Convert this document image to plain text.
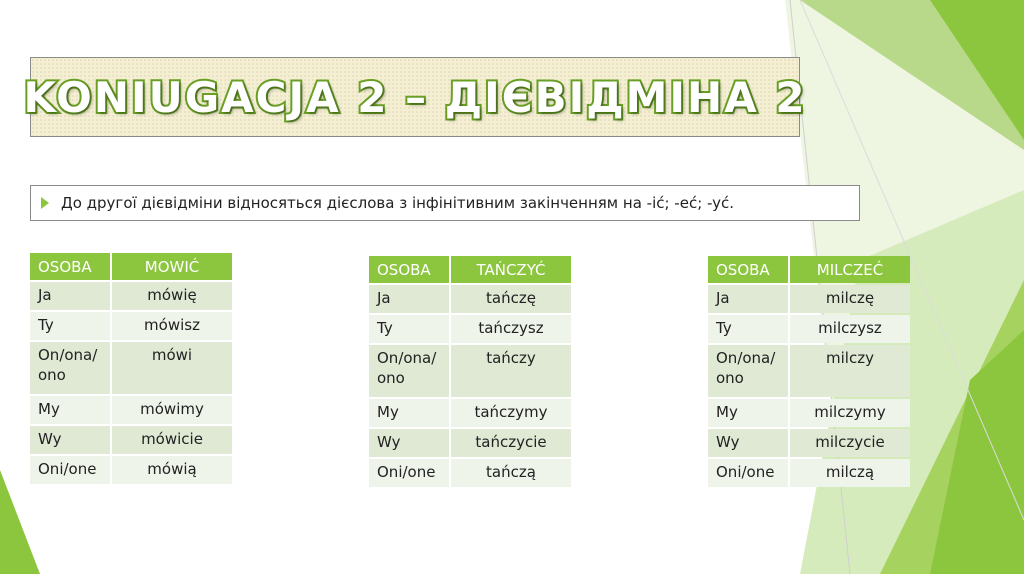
KONIUGACJA 2 – ДІЄВІДМІНА 2
До другої дієвідміни відносяться дієслова з інфінітивним закінченням на -ić; -eć; -yć.
OSOBA	MOWIĆ
Ja	mówię
Ty	mówisz
On/ona/
ono	mówi
My	mówimy
Wy	mówicie
Oni/one	mówią
OSOBA	TAŃCZYĆ
Ja	tańczę
Ty	tańczysz
On/ona/
ono	tańczy
My	tańczymy
Wy	tańczycie
Oni/one	tańczą
OSOBA	MILCZEĆ
Ja	milczę
Ty	milczysz
On/ona/
ono	milczy
My	milczymy
Wy	milczycie
Oni/one	milczą
